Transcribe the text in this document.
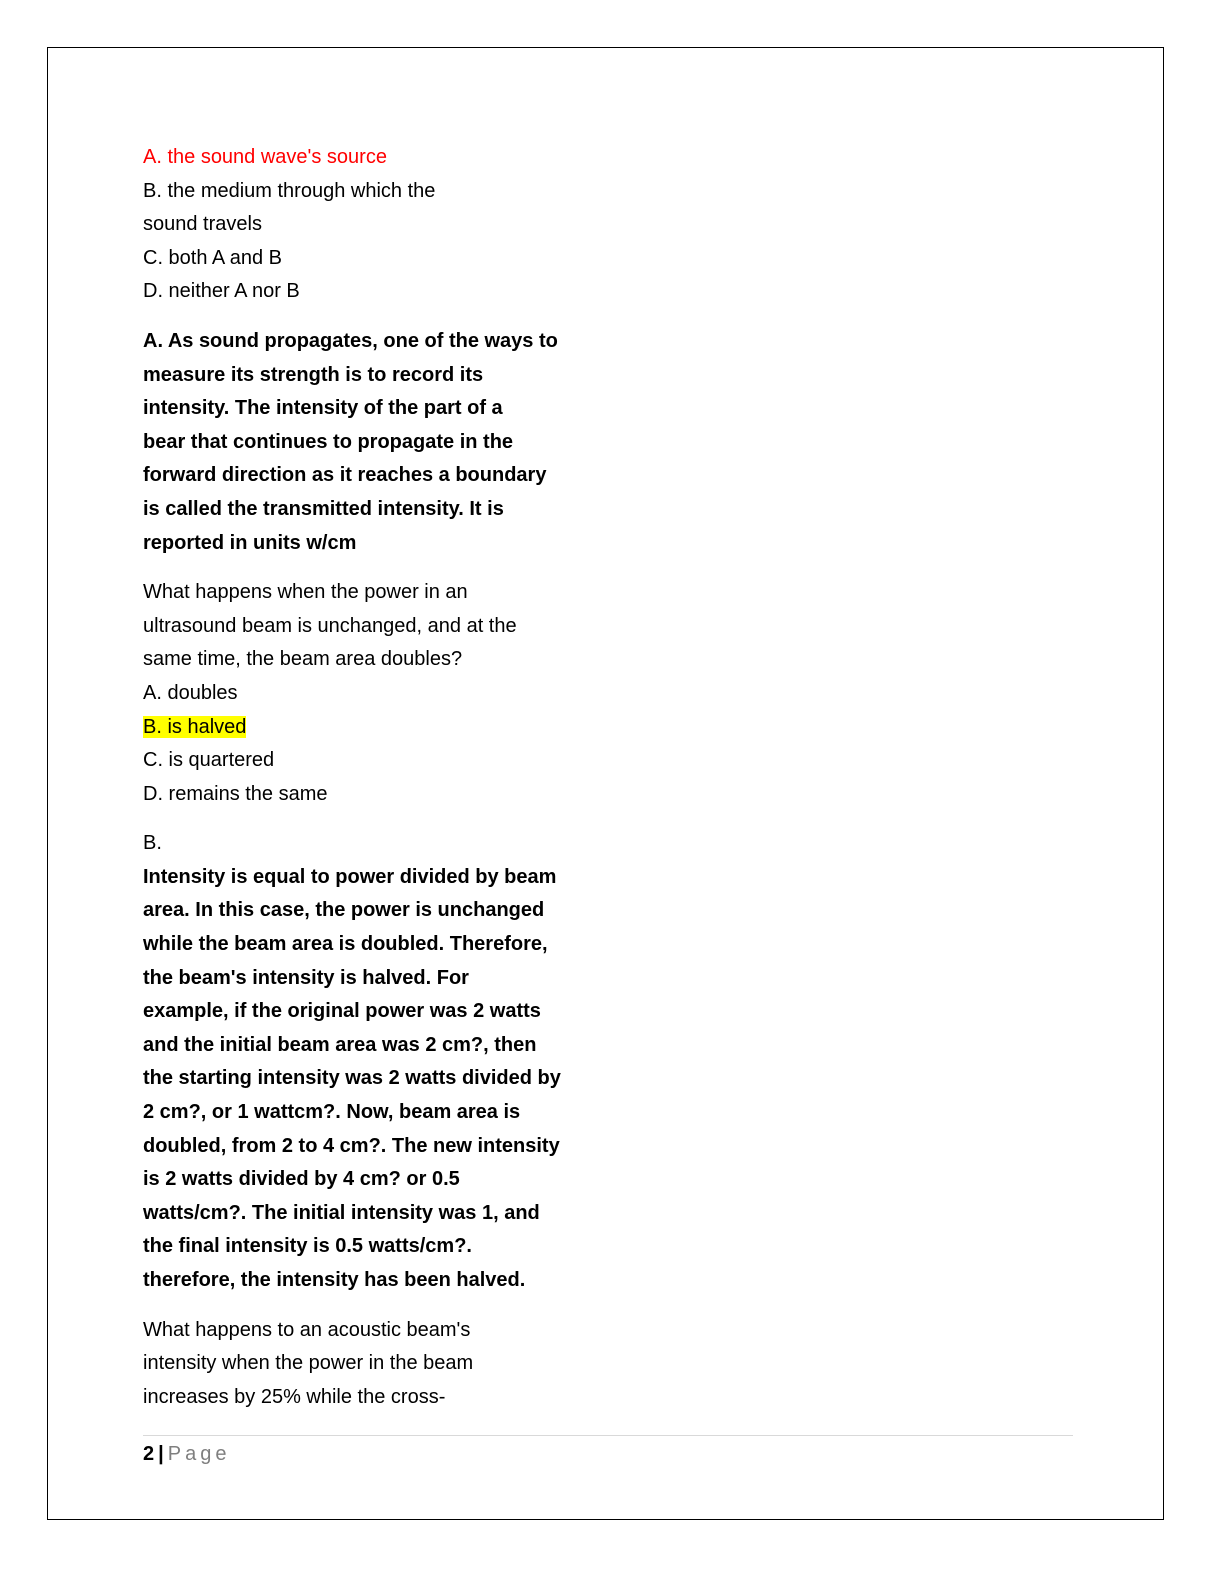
A. the sound wave's source
B. the medium through which the
sound travels
C. both A and B
D. neither A nor B
A. As sound propagates, one of the ways to
measure its strength is to record its
intensity. The intensity of the part of a
bear that continues to propagate in the
forward direction as it reaches a boundary
is called the transmitted intensity. It is
reported in units w/cm
What happens when the power in an
ultrasound beam is unchanged, and at the
same time, the beam area doubles?
A. doubles
B. is halved
C. is quartered
D. remains the same
B.
Intensity is equal to power divided by beam
area. In this case, the power is unchanged
while the beam area is doubled. Therefore,
the beam's intensity is halved. For
example, if the original power was 2 watts
and the initial beam area was 2 cm?, then
the starting intensity was 2 watts divided by
2 cm?, or 1 wattcm?. Now, beam area is
doubled, from 2 to 4 cm?. The new intensity
is 2 watts divided by 4 cm? or 0.5
watts/cm?. The initial intensity was 1, and
the final intensity is 0.5 watts/cm?.
therefore, the intensity has been halved.
What happens to an acoustic beam's
intensity when the power in the beam
increases by 25% while the cross-
2 | Page
